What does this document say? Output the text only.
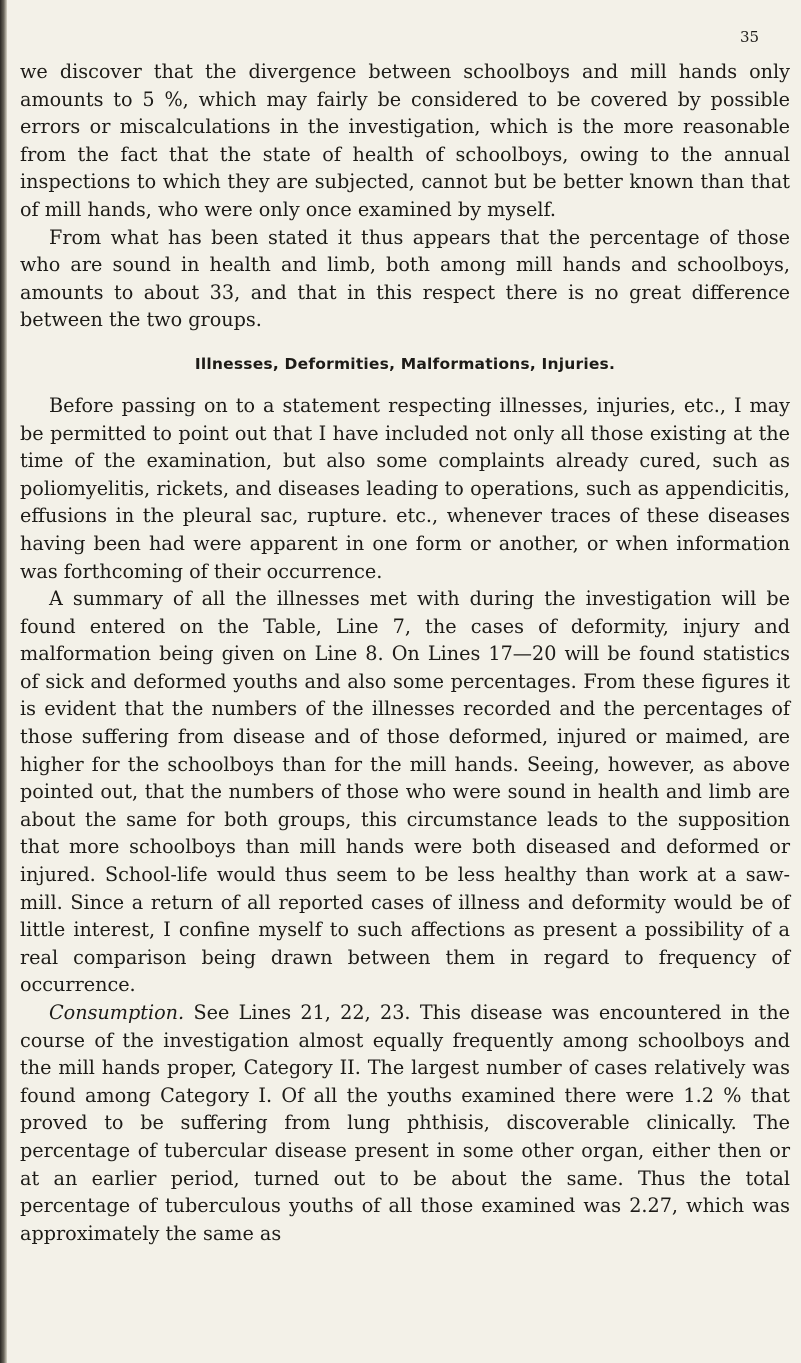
35

we discover that the divergence between schoolboys and mill hands only amounts to 5 %, which may fairly be considered to be covered by possible errors or miscalculations in the investigation, which is the more reasonable from the fact that the state of health of schoolboys, owing to the annual inspections to which they are subjected, cannot but be better known than that of mill hands, who were only once examined by myself.

From what has been stated it thus appears that the percentage of those who are sound in health and limb, both among mill hands and schoolboys, amounts to about 33, and that in this respect there is no great difference between the two groups.

Illnesses, Deformities, Malformations, Injuries.

Before passing on to a statement respecting illnesses, injuries, etc., I may be permitted to point out that I have included not only all those existing at the time of the examination, but also some complaints already cured, such as poliomyelitis, rickets, and diseases leading to operations, such as appendicitis, effusions in the pleural sac, rupture. etc., whenever traces of these diseases having been had were apparent in one form or another, or when information was forthcoming of their occurrence.

A summary of all the illnesses met with during the investigation will be found entered on the Table, Line 7, the cases of deformity, injury and malformation being given on Line 8. On Lines 17—20 will be found statistics of sick and deformed youths and also some percentages. From these figures it is evident that the numbers of the illnesses recorded and the percentages of those suffering from disease and of those deformed, injured or maimed, are higher for the schoolboys than for the mill hands. Seeing, however, as above pointed out, that the numbers of those who were sound in health and limb are about the same for both groups, this circumstance leads to the supposition that more schoolboys than mill hands were both diseased and deformed or injured. School-life would thus seem to be less healthy than work at a saw-mill. Since a return of all reported cases of illness and deformity would be of little interest, I confine myself to such affections as present a possibility of a real comparison being drawn between them in regard to frequency of occurrence.

Consumption. See Lines 21, 22, 23. This disease was encountered in the course of the investigation almost equally frequently among schoolboys and the mill hands proper, Category II. The largest number of cases relatively was found among Category I. Of all the youths examined there were 1.2 % that proved to be suffering from lung phthisis, discoverable clinically. The percentage of tubercular disease present in some other organ, either then or at an earlier period, turned out to be about the same. Thus the total percentage of tuberculous youths of all those examined was 2.27, which was approximately the same as
